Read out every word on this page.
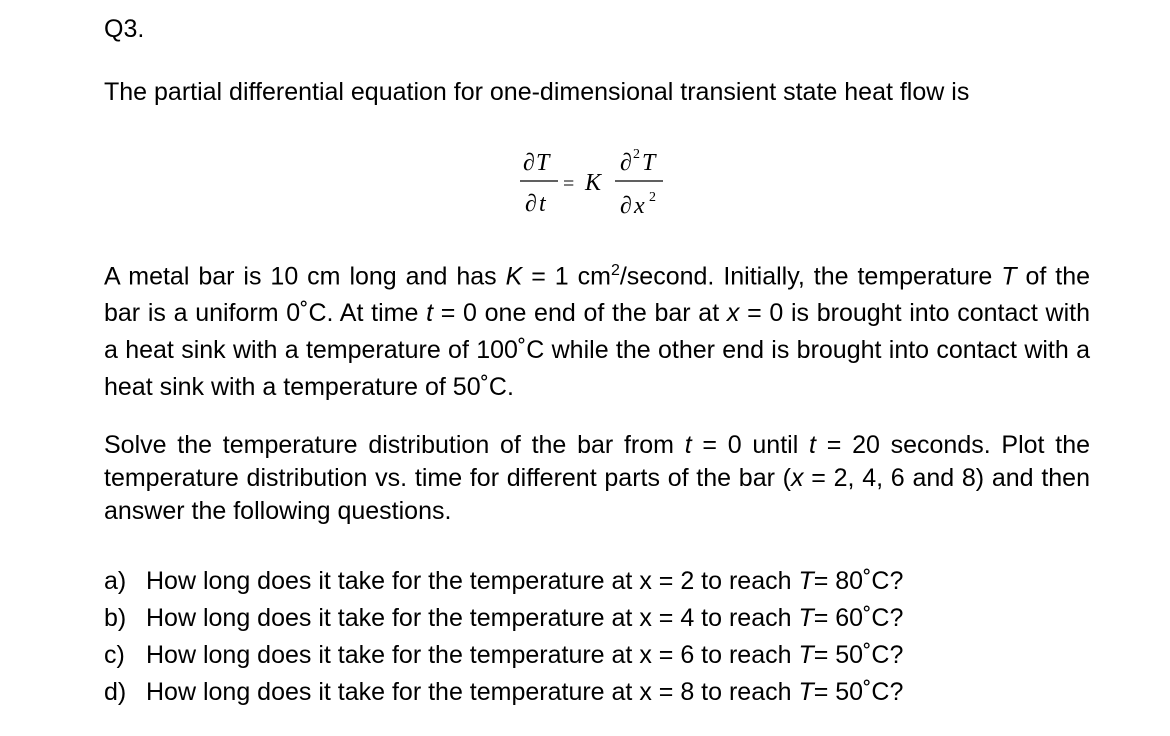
Q3.
The partial differential equation for one-dimensional transient state heat flow is
∂ T
∂ t
= K
∂ 2 T
∂ x 2
A metal bar is 10 cm long and has K = 1 $cm^2$/second. Initially, the temperature T of the bar is a uniform 0˚C. At time t = 0 one end of the bar at x = 0 is brought into contact with a heat sink with a temperature of 100˚C while the other end is brought into contact with a heat sink with a temperature of 50˚C.
Solve the temperature distribution of the bar from t = 0 until t = 20 seconds. Plot the temperature distribution vs. time for different parts of the bar (x = 2, 4, 6 and 8) and then answer the following questions.
a) How long does it take for the temperature at x = 2 to reach T= 80˚C?
b) How long does it take for the temperature at x = 4 to reach T= 60˚C?
c) How long does it take for the temperature at x = 6 to reach T= 50˚C?
d) How long does it take for the temperature at x = 8 to reach T= 50˚C?
